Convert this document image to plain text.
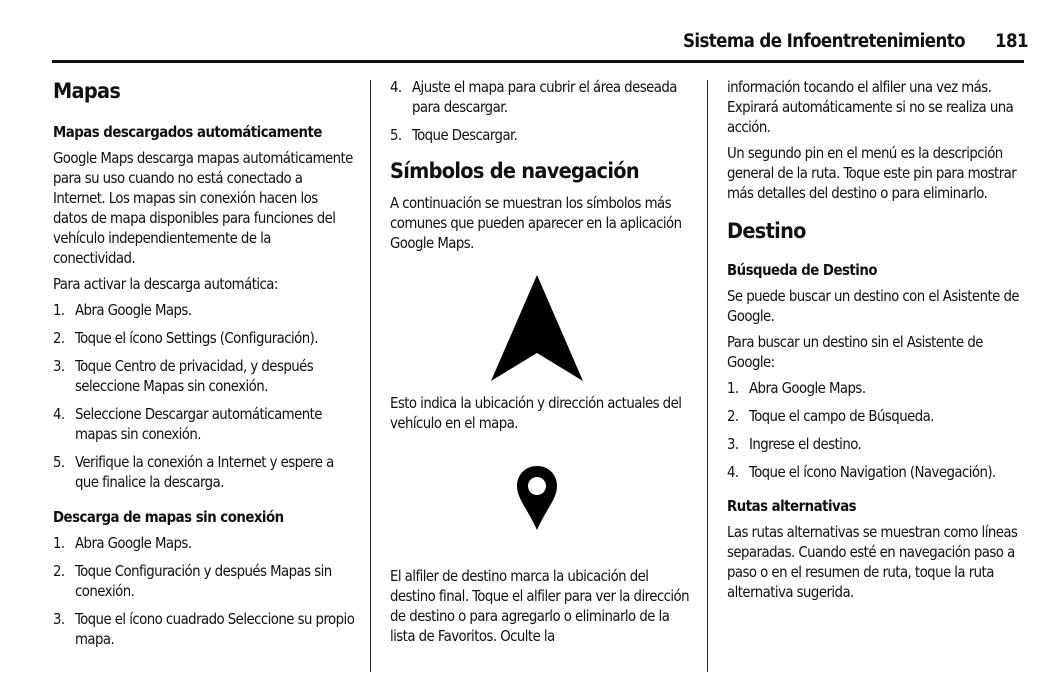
Sistema de Infoentretenimiento 181
Mapas
Mapas descargados automáticamente

Google Maps descarga mapas automáticamente para su uso cuando no está conectado a Internet. Los mapas sin conexión hacen los datos de mapa disponibles para funciones del vehículo independientemente de la conectividad.

Para activar la descarga automática:

1. Abra Google Maps.
2. Toque el ícono Settings (Configuración).
3. Toque Centro de privacidad, y después seleccione Mapas sin conexión.
4. Seleccione Descargar automáticamente mapas sin conexión.
5. Verifique la conexión a Internet y espere a que finalice la descarga.
Descarga de mapas sin conexión
1. Abra Google Maps.
2. Toque Configuración y después Mapas sin conexión.
3. Toque el ícono cuadrado Seleccione su propio mapa.
4. Ajuste el mapa para cubrir el área deseada para descargar.
5. Toque Descargar.
Símbolos de navegación

A continuación se muestran los símbolos más comunes que pueden aparecer en la aplicación Google Maps.

Esto indica la ubicación y dirección actuales del vehículo en el mapa.

El alfiler de destino marca la ubicación del destino final. Toque el alfiler para ver la dirección de destino o para agregarlo o eliminarlo de la lista de Favoritos. Oculte la

información tocando el alfiler una vez más. Expirará automáticamente si no se realiza una acción.

Un segundo pin en el menú es la descripción general de la ruta. Toque este pin para mostrar más detalles del destino o para eliminarlo.

Destino
Búsqueda de Destino

Se puede buscar un destino con el Asistente de Google.

Para buscar un destino sin el Asistente de Google:

1. Abra Google Maps.
2. Toque el campo de Búsqueda.
3. Ingrese el destino.
4. Toque el ícono Navigation (Navegación).
Rutas alternativas

Las rutas alternativas se muestran como líneas separadas. Cuando esté en navegación paso a paso o en el resumen de ruta, toque la ruta alternativa sugerida.
